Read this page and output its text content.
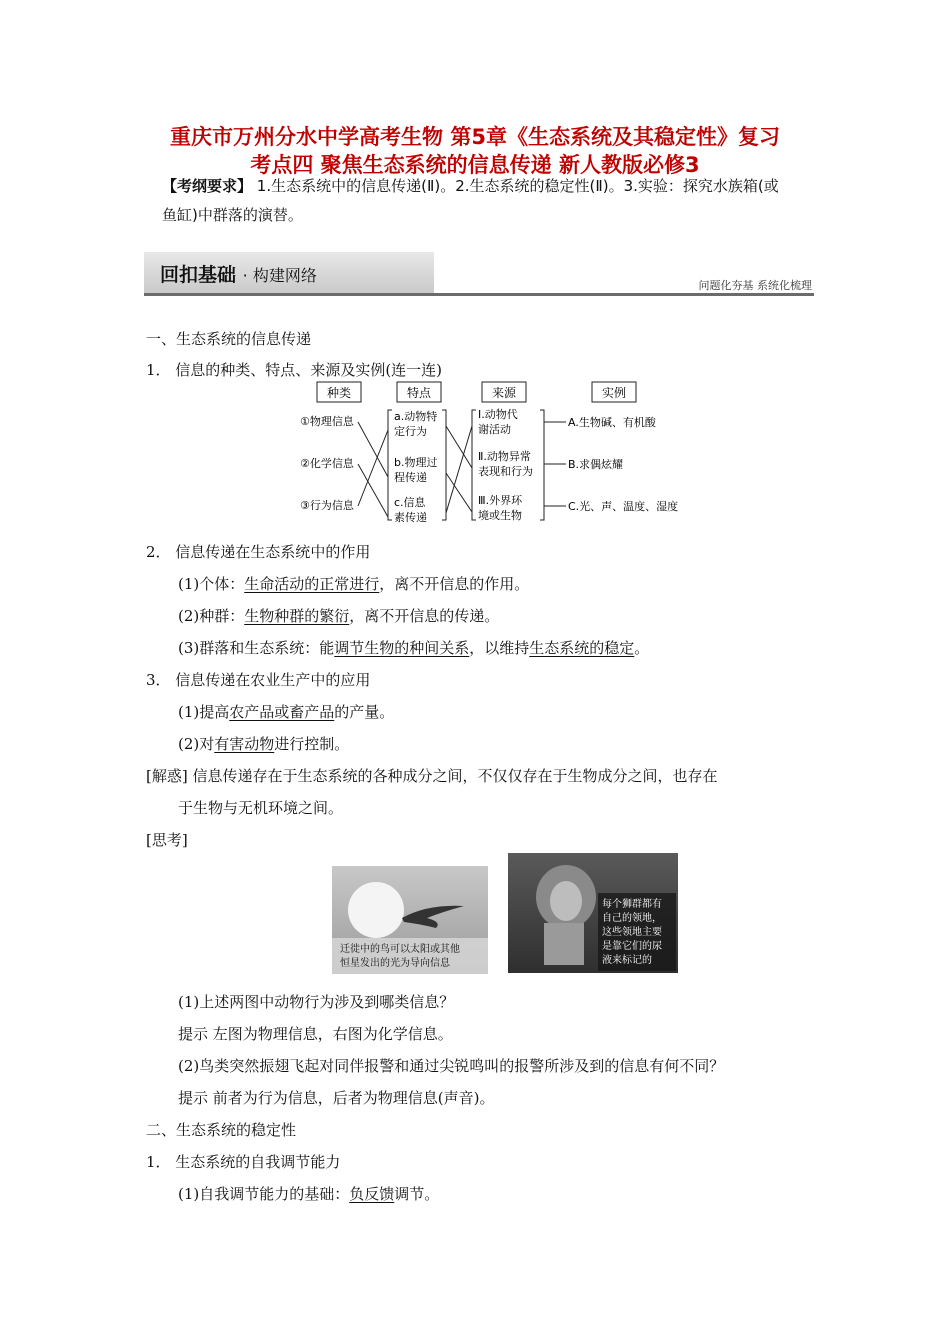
重庆市万州分水中学高考生物 第5章《生态系统及其稳定性》复习
考点四 聚焦生态系统的信息传递 新人教版必修3
【考纲要求】 1.生态系统中的信息传递(Ⅱ)。2.生态系统的稳定性(Ⅱ)。3.实验：探究水族箱(或
鱼缸)中群落的演替。
回扣基础 · 构建网络
问题化夯基 系统化梳理
一、生态系统的信息传递
1． 信息的种类、特点、来源及实例(连一连)
种类	特点	来源	实例
①物理信息
②化学信息
③行为信息
a.动物特
定行为
b.物理过
程传递
c.信息
素传递
Ⅰ.动物代
谢活动
Ⅱ.动物异常
表现和行为
Ⅲ.外界环
境或生物
A.生物碱、有机酸
B.求偶炫耀
C.光、声、温度、湿度
2． 信息传递在生态系统中的作用
(1)个体：生命活动的正常进行，离不开信息的作用。
(2)种群：生物种群的繁衍，离不开信息的传递。
(3)群落和生态系统：能调节生物的种间关系，以维持生态系统的稳定。
3． 信息传递在农业生产中的应用
(1)提高农产品或畜产品的产量。
(2)对有害动物进行控制。
[解惑] 信息传递存在于生态系统的各种成分之间，不仅仅存在于生物成分之间，也存在
于生物与无机环境之间。
[思考]
迁徙中的鸟可以太阳或其他
恒星发出的光为导向信息
每个狮群都有
自己的领地，
这些领地主要
是靠它们的尿
液来标记的
(1)上述两图中动物行为涉及到哪类信息？
提示 左图为物理信息，右图为化学信息。
(2)鸟类突然振翅飞起对同伴报警和通过尖锐鸣叫的报警所涉及到的信息有何不同？
提示 前者为行为信息，后者为物理信息(声音)。
二、生态系统的稳定性
1． 生态系统的自我调节能力
(1)自我调节能力的基础：负反馈调节。
